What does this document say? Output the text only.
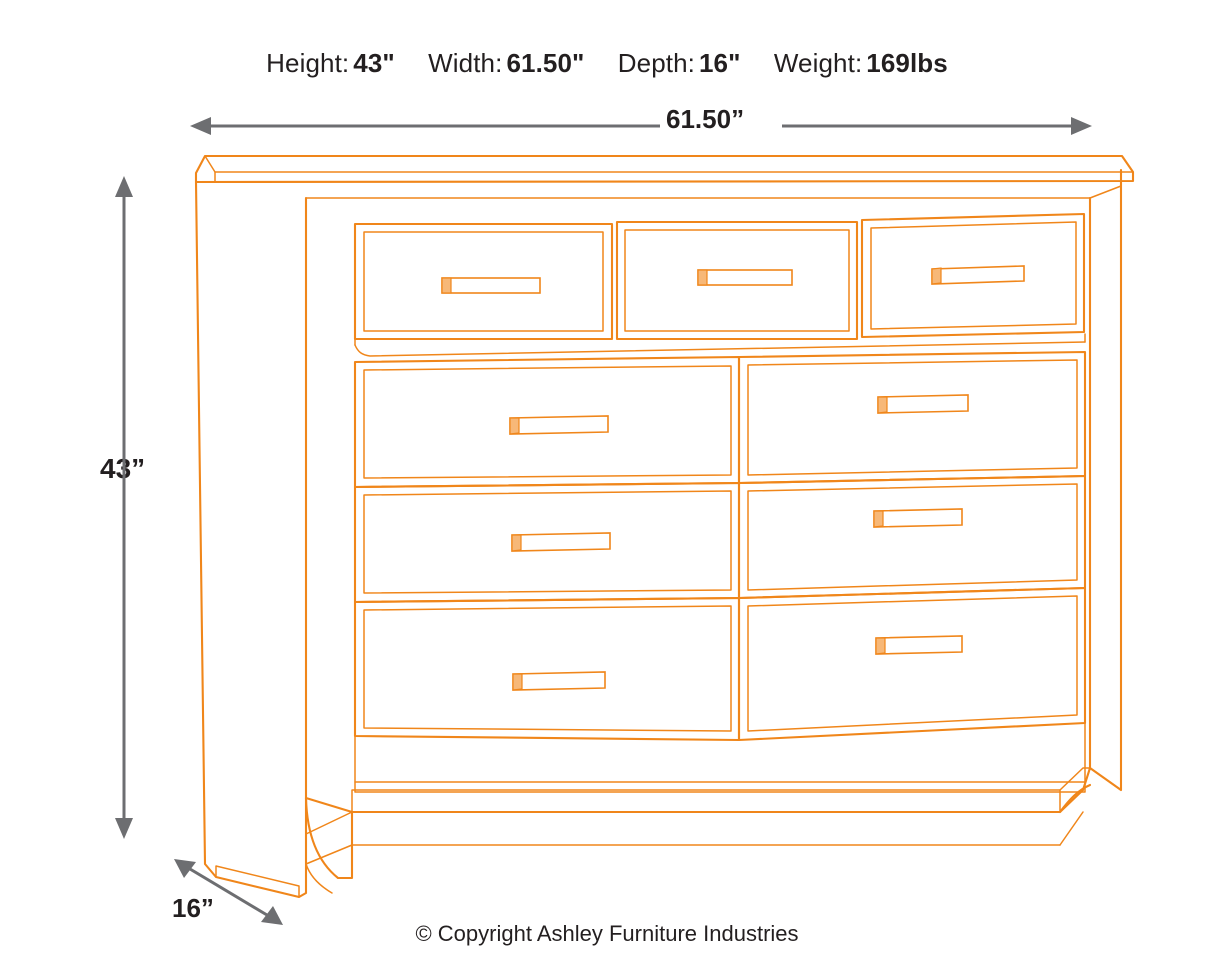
Height: 43" Width: 61.50" Depth: 16" Weight: 169lbs
61.50”
43”
16”
© Copyright Ashley Furniture Industries
